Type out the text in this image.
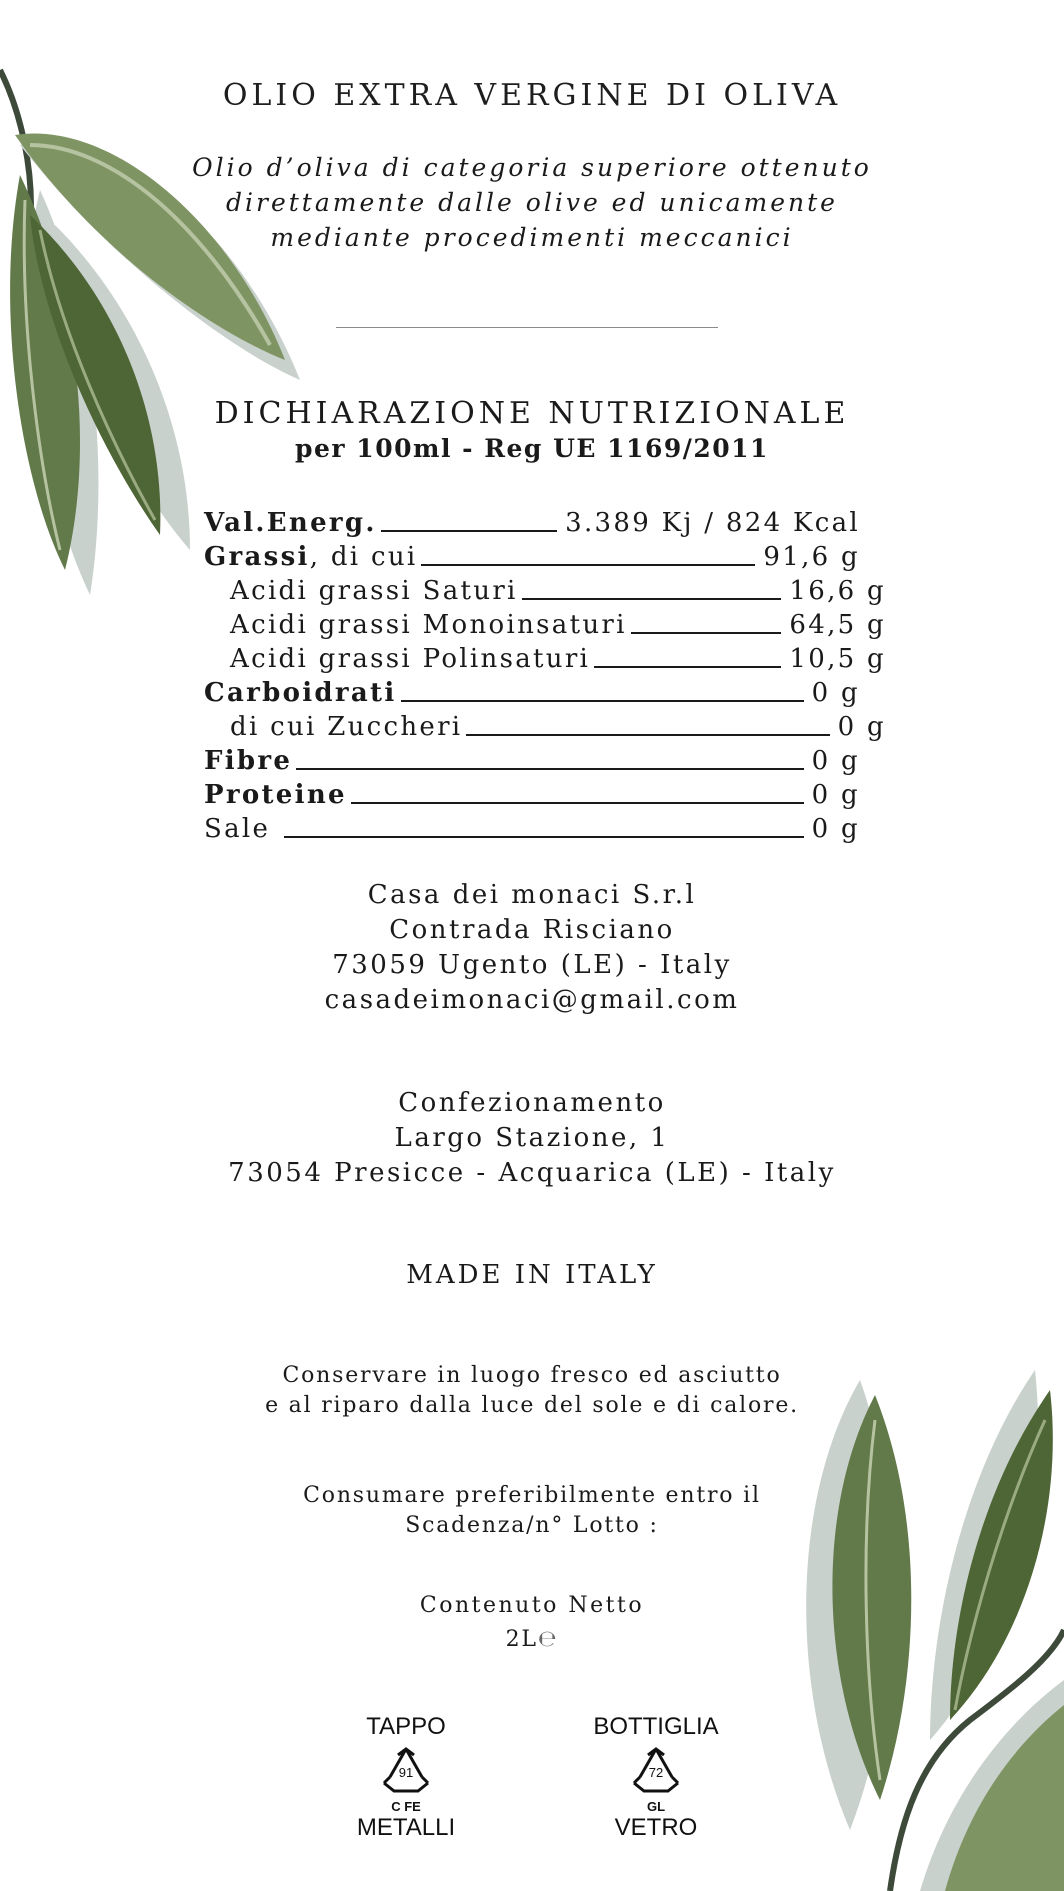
OLIO EXTRA VERGINE DI OLIVA
Olio d’oliva di categoria superiore ottenuto
direttamente dalle olive ed unicamente
mediante procedimenti meccanici
DICHIARAZIONE NUTRIZIONALE
per 100ml - Reg UE 1169/2011
Val.Energ.	3.389 Kj / 824 Kcal
Grassi, di cui	91,6 g
Acidi grassi Saturi	16,6 g
Acidi grassi Monoinsaturi	64,5 g
Acidi grassi Polinsaturi	10,5 g
Carboidrati	0 g
di cui Zuccheri	0 g
Fibre	0 g
Proteine	0 g
Sale	0 g
Casa dei monaci S.r.l
Contrada Risciano
73059 Ugento (LE) - Italy
casadeimonaci@gmail.com
Confezionamento
Largo Stazione, 1
73054 Presicce - Acquarica (LE) - Italy
MADE IN ITALY
Conservare in luogo fresco ed asciutto
e al riparo dalla luce del sole e di calore.
Consumare preferibilmente entro il
Scadenza/n° Lotto :
Contenuto Netto
2L℮
TAPPO
91
C FE
METALLI
BOTTIGLIA
72
GL
VETRO
